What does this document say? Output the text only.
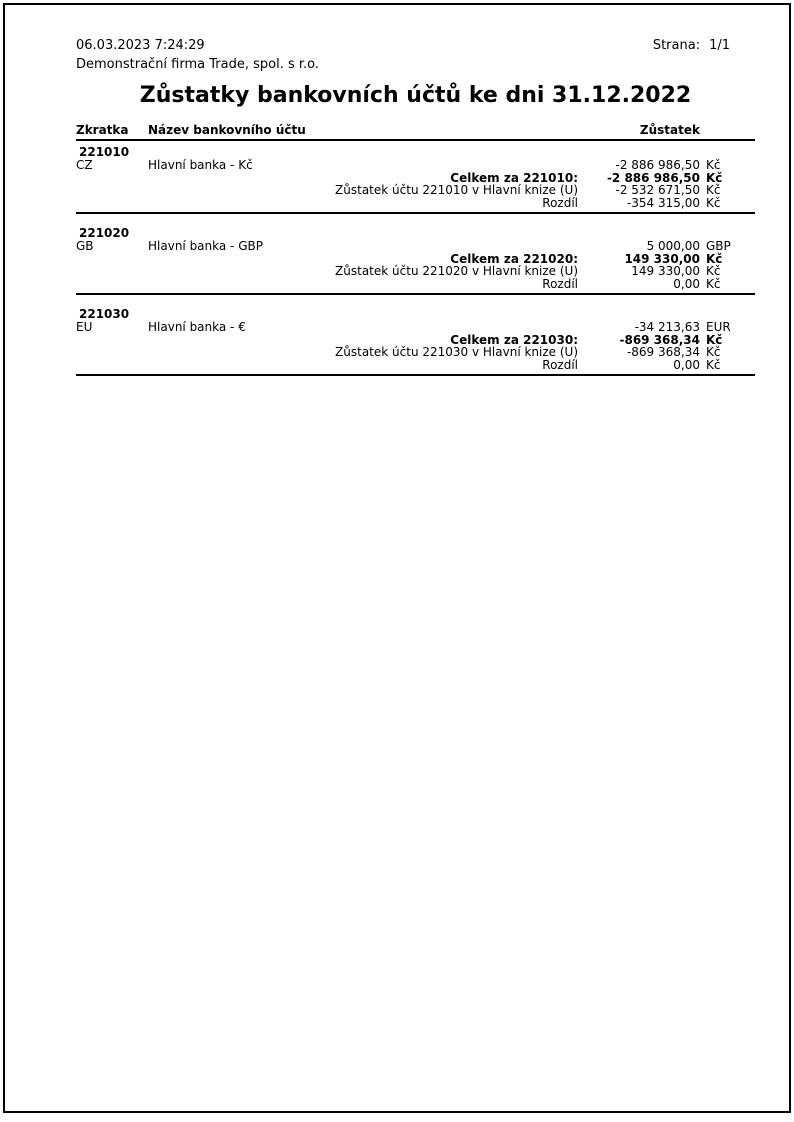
06.03.2023 7:24:29
Demonstrační firma Trade, spol. s r.o.
Strana: 1/1
Zůstatky bankovních účtů ke dni 31.12.2022
Zkratka	Název bankovního účtu	Zůstatek
221010
CZ	Hlavní banka - Kč	-2 886 986,50 Kč
Celkem za 221010:	-2 886 986,50 Kč
Zůstatek účtu 221010 v Hlavní knize (U)	-2 532 671,50 Kč
Rozdíl	-354 315,00 Kč
221020
GB	Hlavní banka - GBP	5 000,00 GBP
Celkem za 221020:	149 330,00 Kč
Zůstatek účtu 221020 v Hlavní knize (U)	149 330,00 Kč
Rozdíl	0,00 Kč
221030
EU	Hlavní banka - €	-34 213,63 EUR
Celkem za 221030:	-869 368,34 Kč
Zůstatek účtu 221030 v Hlavní knize (U)	-869 368,34 Kč
Rozdíl	0,00 Kč
